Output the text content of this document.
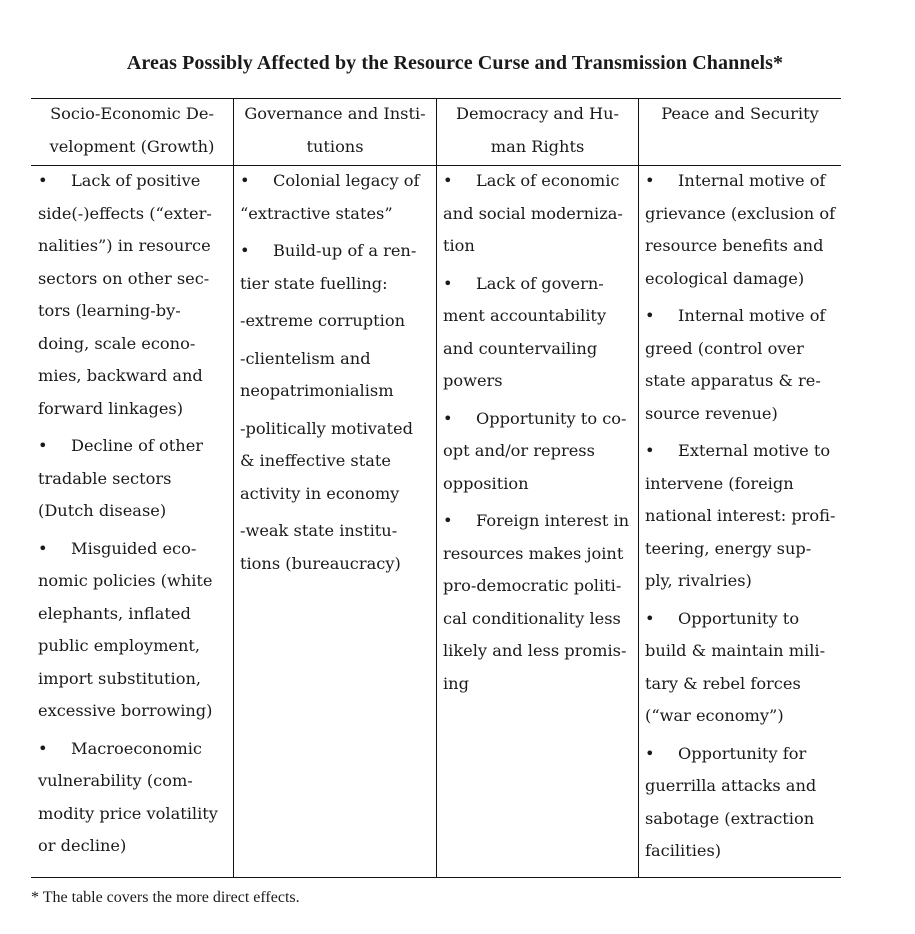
Areas Possibly Affected by the Resource Curse and Transmission Channels*
Socio-Economic De-
velopment (Growth)
Governance and Insti-
tutions
Democracy and Hu-
man Rights
Peace and Security
• Lack of positive
side(-)effects (“exter-
nalities”) in resource
sectors on other sec-
tors (learning-by-
doing, scale econo-
mies, backward and
forward linkages)
• Decline of other
tradable sectors
(Dutch disease)
• Misguided eco-
nomic policies (white
elephants, inflated
public employment,
import substitution,
excessive borrowing)
• Macroeconomic
vulnerability (com-
modity price volatility
or decline)
• Colonial legacy of
“extractive states”
• Build-up of a ren-
tier state fuelling:
-extreme corruption
-clientelism and
neopatrimonialism
-politically motivated
& ineffective state
activity in economy
-weak state institu-
tions (bureaucracy)
• Lack of economic
and social moderniza-
tion
• Lack of govern-
ment accountability
and countervailing
powers
• Opportunity to co-
opt and/or repress
opposition
• Foreign interest in
resources makes joint
pro-democratic politi-
cal conditionality less
likely and less promis-
ing
• Internal motive of
grievance (exclusion of
resource benefits and
ecological damage)
• Internal motive of
greed (control over
state apparatus & re-
source revenue)
• External motive to
intervene (foreign
national interest: profi-
teering, energy sup-
ply, rivalries)
• Opportunity to
build & maintain mili-
tary & rebel forces
(“war economy”)
• Opportunity for
guerrilla attacks and
sabotage (extraction
facilities)
* The table covers the more direct effects.
